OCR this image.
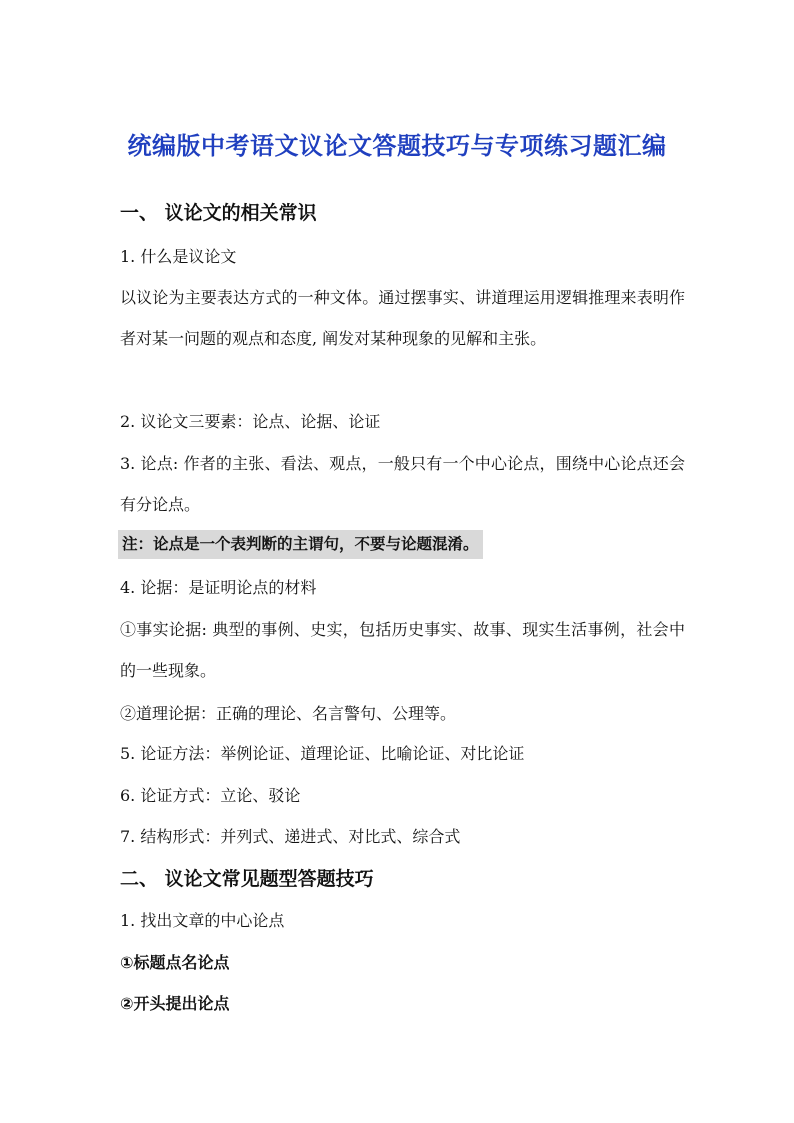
统编版中考语文议论文答题技巧与专项练习题汇编
一、 议论文的相关常识
1. 什么是议论文
以议论为主要表达方式的一种文体。通过摆事实、讲道理运用逻辑推理来表明作者对某一问题的观点和态度, 阐发对某种现象的见解和主张。
2. 议论文三要素：论点、论据、论证
3. 论点: 作者的主张、看法、观点，一般只有一个中心论点，围绕中心论点还会有分论点。
注：论点是一个表判断的主谓句，不要与论题混淆。
4. 论据：是证明论点的材料
①事实论据: 典型的事例、史实，包括历史事实、故事、现实生活事例，社会中的一些现象。
②道理论据：正确的理论、名言警句、公理等。
5. 论证方法：举例论证、道理论证、比喻论证、对比论证
6. 论证方式：立论、驳论
7. 结构形式：并列式、递进式、对比式、综合式
二、 议论文常见题型答题技巧
1. 找出文章的中心论点
①标题点名论点
②开头提出论点
